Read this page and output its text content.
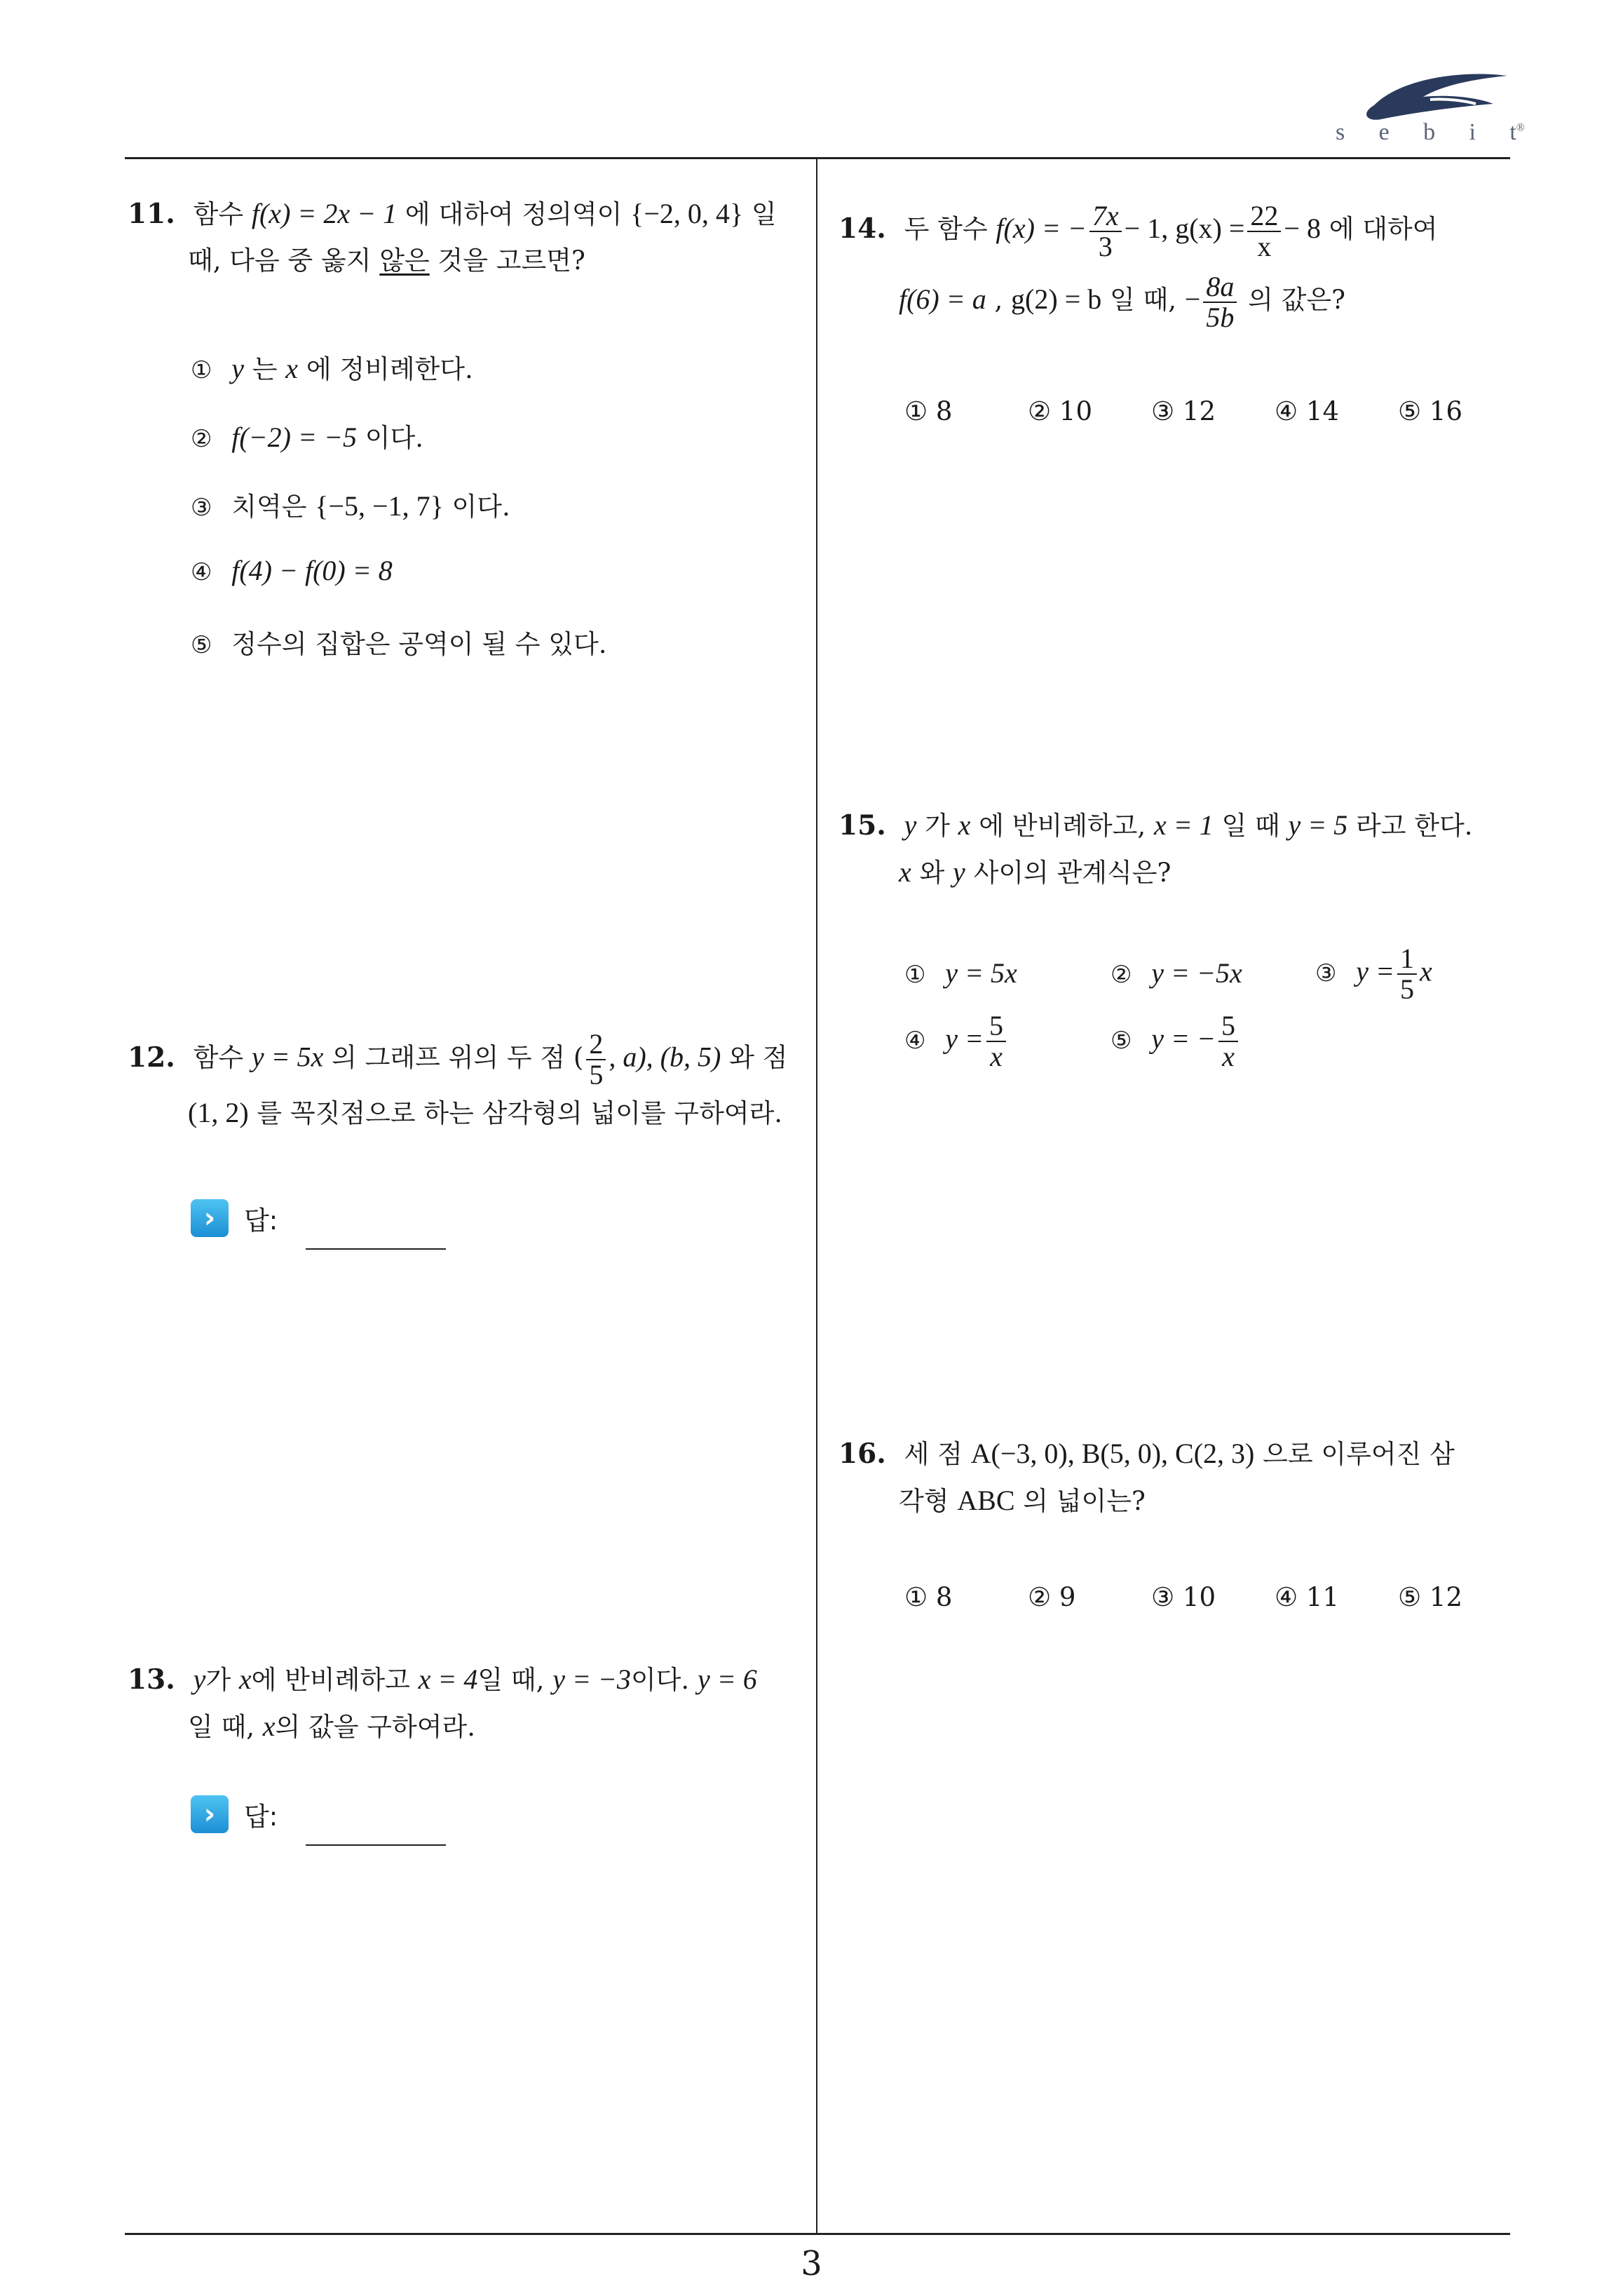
s e b i t®
3
11. 함수 f(x) = 2x − 1 에 대하여 정의역이 {−2, 0, 4} 일
때, 다음 중 옳지 않은 것을 고르면?
① y 는 x 에 정비례한다.
② f(−2) = −5 이다.
③ 치역은 {−5, −1, 7} 이다.
④ f(4) − f(0) = 8
⑤ 정수의 집합은 공역이 될 수 있다.
12. 함수 y = 5x 의 그래프 위의 두 점 ( $\frac{2}{5}$ , a), (b, 5) 와 점
(1, 2) 를 꼭짓점으로 하는 삼각형의 넓이를 구하여라.
›	답:
13. y가 x에 반비례하고 x = 4일 때, y = −3이다. y = 6
일 때, x의 값을 구하여라.
›	답:
14. 두 함수 f(x) = − $\frac{7x}{3} - 1$, $g(x) = \frac{22}{x} - 8$ 에 대하여
f(6) = a , g(2) = b 일 때, − $\frac{8a}{5b}$ 의 값은?
① 8	② 10	③ 12	④ 14	⑤ 16
15. y 가 x 에 반비례하고, x = 1 일 때 y = 5 라고 한다.
x 와 y 사이의 관계식은?
① y = 5x	② y = −5x	③ $y = \frac{1}{5}$ x
④ $y = \frac{5}{x}$	⑤ y = − $\frac{5}{x}$
16. 세 점 A(−3, 0), B(5, 0), C(2, 3) 으로 이루어진 삼
각형 ABC 의 넓이는?
① 8	② 9	③ 10	④ 11	⑤ 12
